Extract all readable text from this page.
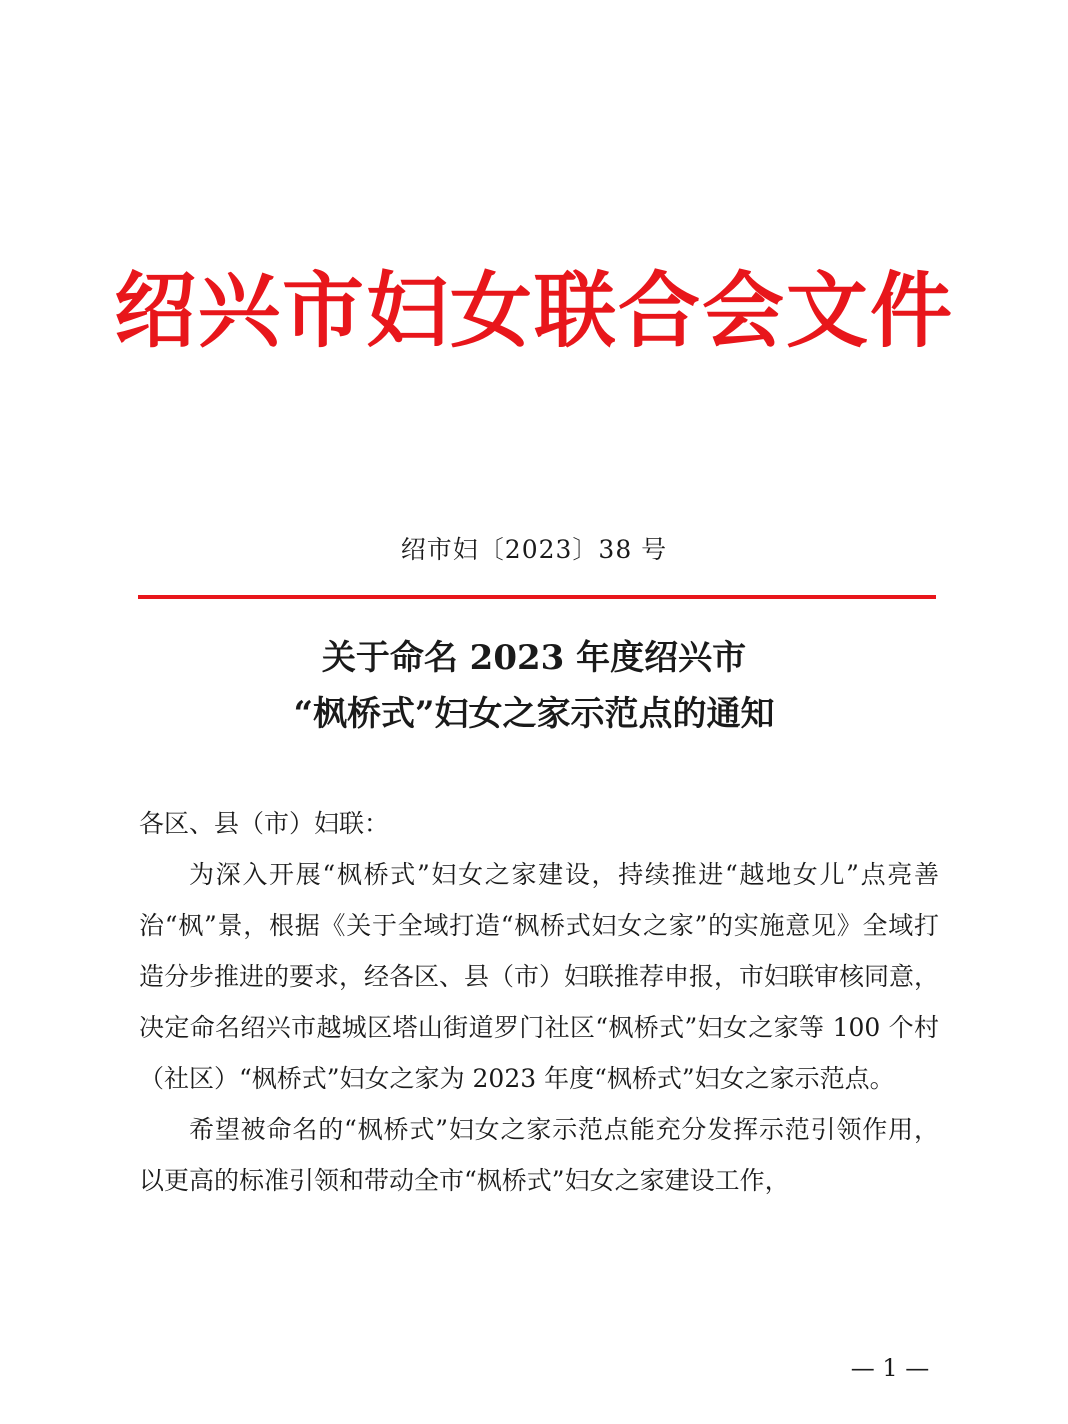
绍兴市妇女联合会文件
绍市妇〔2023〕38 号
关于命名 2023 年度绍兴市
“枫桥式”妇女之家示范点的通知
各区、县（市）妇联：

为深入开展“枫桥式”妇女之家建设，持续推进“越地女儿”点亮善治“枫”景，根据《关于全域打造“枫桥式妇女之家”的实施意见》全域打造分步推进的要求，经各区、县（市）妇联推荐申报，市妇联审核同意，决定命名绍兴市越城区塔山街道罗门社区“枫桥式”妇女之家等 100 个村（社区）“枫桥式”妇女之家为 2023 年度“枫桥式”妇女之家示范点。

希望被命名的“枫桥式”妇女之家示范点能充分发挥示范引领作用，以更高的标准引领和带动全市“枫桥式”妇女之家建设工作，

— 1 —
